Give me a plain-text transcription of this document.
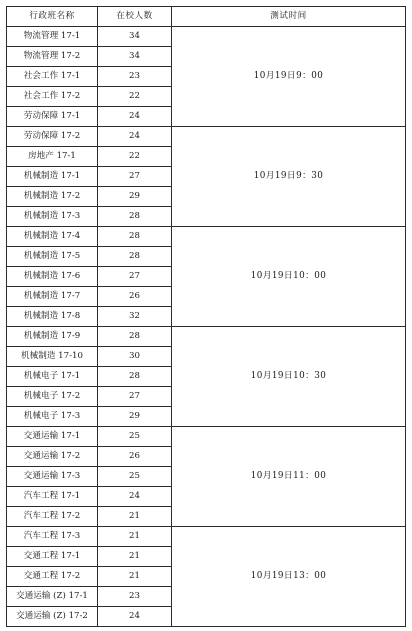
行政班名称	在校人数	测试时间
物流管理 17-1	34	10月19日9：00
物流管理 17-2	34	
社会工作 17-1	23	
社会工作 17-2	22	
劳动保障 17-1	24	
劳动保障 17-2	24	10月19日9：30
房地产 17-1	22	
机械制造 17-1	27	
机械制造 17-2	29	
机械制造 17-3	28	
机械制造 17-4	28	10月19日10：00
机械制造 17-5	28	
机械制造 17-6	27	
机械制造 17-7	26	
机械制造 17-8	32	
机械制造 17-9	28	10月19日10：30
机械制造 17-10	30	
机械电子 17-1	28	
机械电子 17-2	27	
机械电子 17-3	29	
交通运输 17-1	25	10月19日11：00
交通运输 17-2	26	
交通运输 17-3	25	
汽车工程 17-1	24	
汽车工程 17-2	21	
汽车工程 17-3	21	10月19日13：00
交通工程 17-1	21	
交通工程 17-2	21	
交通运输 (Z) 17-1	23	
交通运输 (Z) 17-2	24	
